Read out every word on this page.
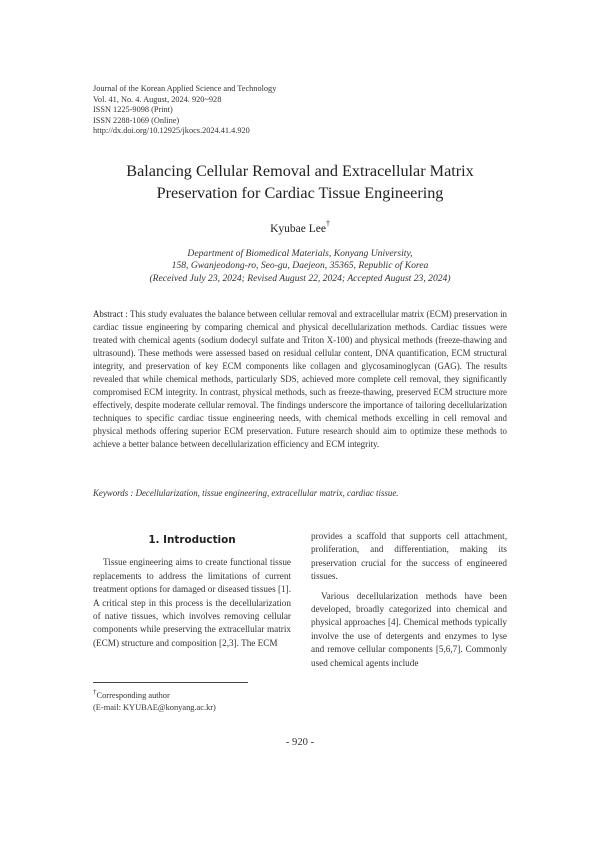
Journal of the Korean Applied Science and Technology
Vol. 41, No. 4. August, 2024. 920~928
ISSN 1225-9098 (Print)
ISSN 2288-1069 (Online)
http://dx.doi.org/10.12925/jkocs.2024.41.4.920
Balancing Cellular Removal and Extracellular Matrix
Preservation for Cardiac Tissue Engineering
Kyubae Lee†
Department of Biomedical Materials, Konyang University,
158, Gwanjeodong-ro, Seo-gu, Daejeon, 35365, Republic of Korea
(Received July 23, 2024; Revised August 22, 2024; Accepted August 23, 2024)
Abstract : This study evaluates the balance between cellular removal and extracellular matrix (ECM) preservation in cardiac tissue engineering by comparing chemical and physical decellularization methods. Cardiac tissues were treated with chemical agents (sodium dodecyl sulfate and Triton X-100) and physical methods (freeze-thawing and ultrasound). These methods were assessed based on residual cellular content, DNA quantification, ECM structural integrity, and preservation of key ECM components like collagen and glycosaminoglycan (GAG). The results revealed that while chemical methods, particularly SDS, achieved more complete cell removal, they significantly compromised ECM integrity. In contrast, physical methods, such as freeze-thawing, preserved ECM structure more effectively, despite moderate cellular removal. The findings underscore the importance of tailoring decellularization techniques to specific cardiac tissue engineering needs, with chemical methods excelling in cell removal and physical methods offering superior ECM preservation. Future research should aim to optimize these methods to achieve a better balance between decellularization efficiency and ECM integrity.
Keywords : Decellularization, tissue engineering, extracellular matrix, cardiac tissue.
1. Introduction

Tissue engineering aims to create functional tissue replacements to address the limitations of current treatment options for damaged or diseased tissues [1]. A critical step in this process is the decellularization of native tissues, which involves removing cellular components while preserving the extracellular matrix (ECM) structure and composition [2,3]. The ECM

provides a scaffold that supports cell attachment, proliferation, and differentiation, making its preservation crucial for the success of engineered tissues.

Various decellularization methods have been developed, broadly categorized into chemical and physical approaches [4]. Chemical methods typically involve the use of detergents and enzymes to lyse and remove cellular components [5,6,7]. Commonly used chemical agents include

†Corresponding author
(E-mail: KYUBAE@konyang.ac.kr)
- 920 -
